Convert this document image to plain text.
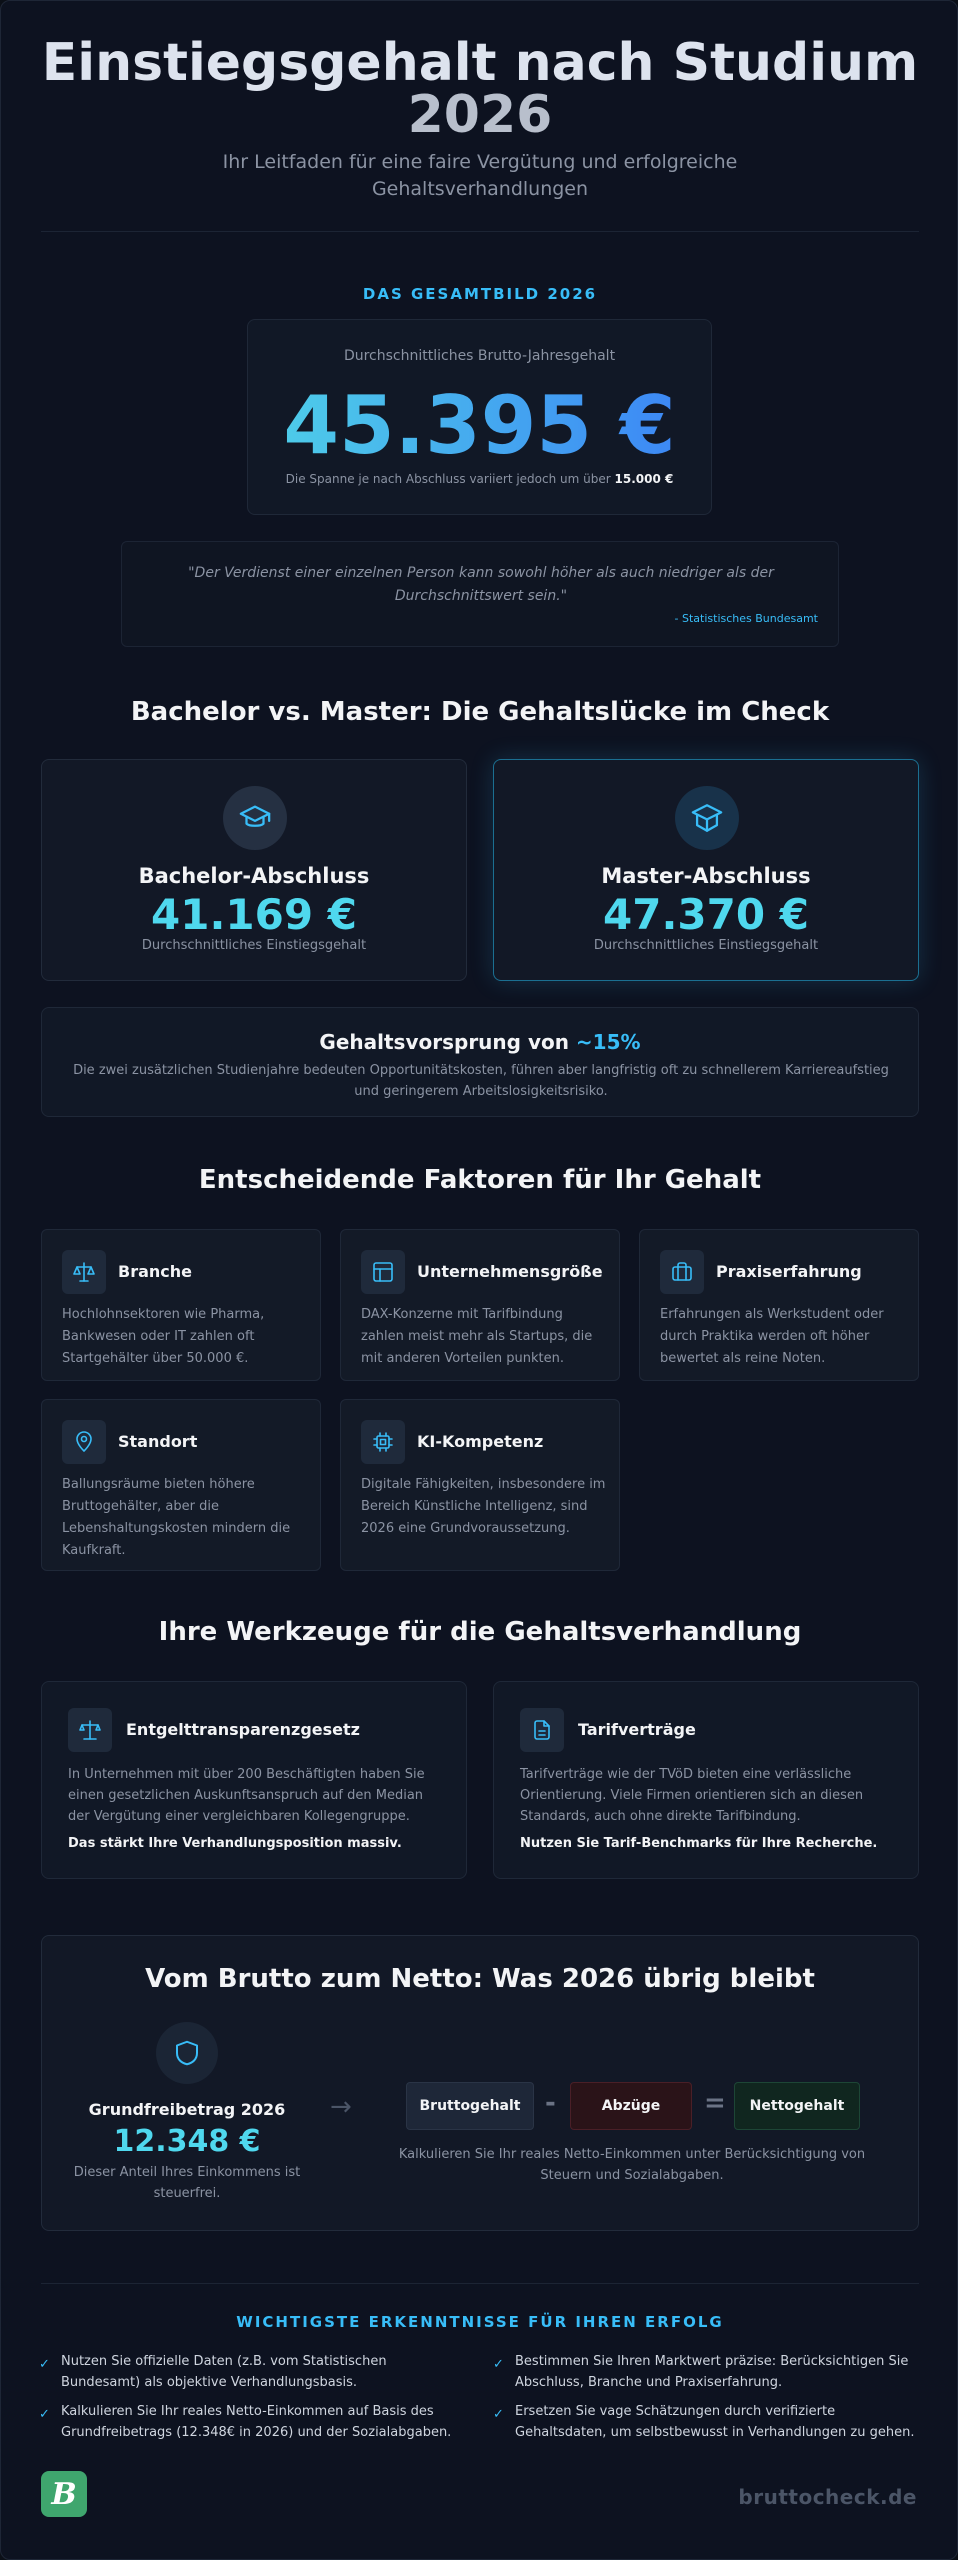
Einstiegsgehalt nach Studium
2026

Ihr Leitfaden für eine faire Vergütung und erfolgreiche Gehaltsverhandlungen

DAS GESAMTBILD 2026
Durchschnittliches Brutto-Jahresgehalt
45.395 €
Die Spanne je nach Abschluss variiert jedoch um über 15.000 €
"Der Verdienst einer einzelnen Person kann sowohl höher als auch niedriger als der Durchschnittswert sein."
- Statistisches Bundesamt
Bachelor vs. Master: Die Gehaltslücke im Check
Bachelor-Abschluss
41.169 €
Durchschnittliches Einstiegsgehalt
Master-Abschluss
47.370 €
Durchschnittliches Einstiegsgehalt
Gehaltsvorsprung von ~15%
Die zwei zusätzlichen Studienjahre bedeuten Opportunitätskosten, führen aber langfristig oft zu schnellerem Karriereaufstieg und geringerem Arbeitslosigkeitsrisiko.
Entscheidende Faktoren für Ihr Gehalt
Branche
Hochlohnsektoren wie Pharma, Bankwesen oder IT zahlen oft Startgehälter über 50.000 €.
Unternehmensgröße
DAX-Konzerne mit Tarifbindung zahlen meist mehr als Startups, die mit anderen Vorteilen punkten.
Praxiserfahrung
Erfahrungen als Werkstudent oder durch Praktika werden oft höher bewertet als reine Noten.
Standort
Ballungsräume bieten höhere Bruttogehälter, aber die Lebenshaltungskosten mindern die Kaufkraft.
KI-Kompetenz
Digitale Fähigkeiten, insbesondere im Bereich Künstliche Intelligenz, sind 2026 eine Grundvoraussetzung.
Ihre Werkzeuge für die Gehaltsverhandlung
Entgelttransparenzgesetz
In Unternehmen mit über 200 Beschäftigten haben Sie einen gesetzlichen Auskunftsanspruch auf den Median der Vergütung einer vergleichbaren Kollegengruppe.
Das stärkt Ihre Verhandlungsposition massiv.
Tarifverträge
Tarifverträge wie der TVöD bieten eine verlässliche Orientierung. Viele Firmen orientieren sich an diesen Standards, auch ohne direkte Tarifbindung.
Nutzen Sie Tarif-Benchmarks für Ihre Recherche.
Vom Brutto zum Netto: Was 2026 übrig bleibt
Grundfreibetrag 2026
12.348 €
Dieser Anteil Ihres Einkommens ist steuerfrei.
→	Bruttogehalt -	Abzüge	=	Nettogehalt
Kalkulieren Sie Ihr reales Netto-Einkommen unter Berücksichtigung von Steuern und Sozialabgaben.
WICHTIGSTE ERKENNTNISSE FÜR IHREN ERFOLG
✓ Nutzen Sie offizielle Daten (z.B. vom Statistischen Bundesamt) als objektive Verhandlungsbasis.
✓ Bestimmen Sie Ihren Marktwert präzise: Berücksichtigen Sie Abschluss, Branche und Praxiserfahrung.
✓ Kalkulieren Sie Ihr reales Netto-Einkommen auf Basis des Grundfreibetrags (12.348€ in 2026) und der Sozialabgaben.
✓ Ersetzen Sie vage Schätzungen durch verifizierte Gehaltsdaten, um selbstbewusst in Verhandlungen zu gehen.
B	bruttocheck.de
